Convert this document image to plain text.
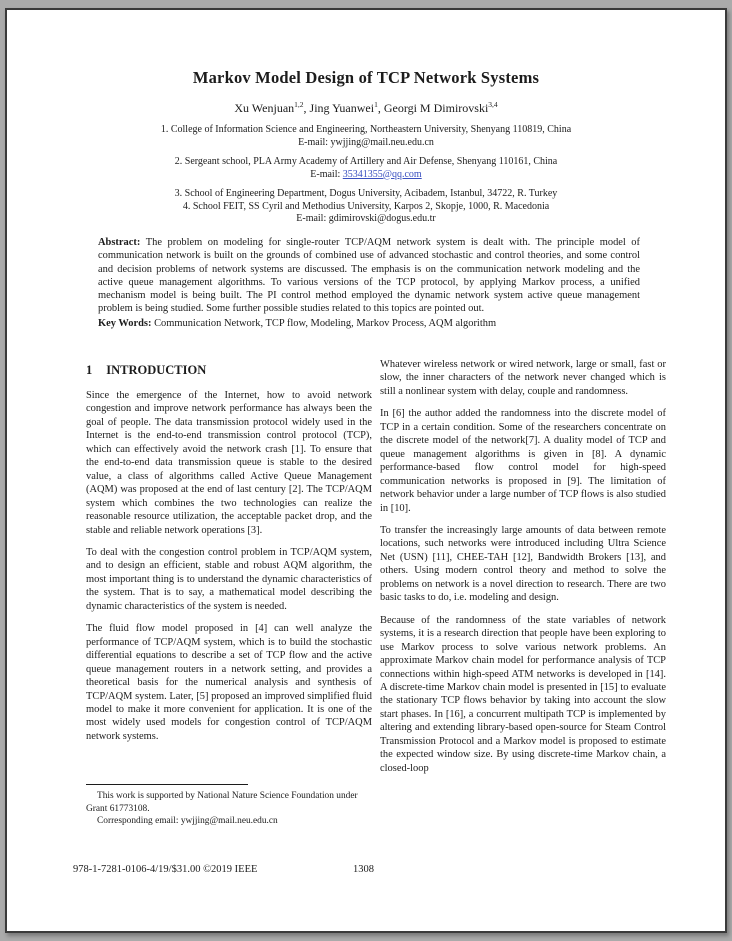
Markov Model Design of TCP Network Systems
Xu Wenjuan$^{1,2}$, Jing Yuanwei$^1$, Georgi M Dimirovski$^{3,4}$
1. College of Information Science and Engineering, Northeastern University, Shenyang 110819, China
E-mail: ywjjing@mail.neu.edu.cn
2. Sergeant school, PLA Army Academy of Artillery and Air Defense, Shenyang 110161, China
E-mail: 35341355@qq.com
3. School of Engineering Department, Dogus University, Acibadem, Istanbul, 34722, R. Turkey
4. School FEIT, SS Cyril and Methodius University, Karpos 2, Skopje, 1000, R. Macedonia
E-mail: gdimirovski@dogus.edu.tr
Abstract: The problem on modeling for single-router TCP/AQM network system is dealt with. The principle model of communication network is built on the grounds of combined use of advanced stochastic and control theories, and some control and decision problems of network systems are discussed. The emphasis is on the communication network modeling and the active queue management algorithms. To various versions of the TCP protocol, by applying Markov process, a unified mechanism model is being built. The PI control method employed the dynamic network system active queue management problem is being studied. Some further possible studies related to this topics are pointed out.
Key Words: Communication Network, TCP flow, Modeling, Markov Process, AQM algorithm
1 INTRODUCTION

Since the emergence of the Internet, how to avoid network congestion and improve network performance has always been the goal of people. The data transmission protocol widely used in the Internet is the end-to-end transmission control protocol (TCP), which can effectively avoid the network crash [1]. To ensure that the end-to-end data transmission queue is stable to the desired value, a class of algorithms called Active Queue Management (AQM) was proposed at the end of last century [2]. The TCP/AQM system which combines the two technologies can realize the reasonable resource utilization, the acceptable packet drop, and the stable and reliable network operations [3].

To deal with the congestion control problem in TCP/AQM system, and to design an efficient, stable and robust AQM algorithm, the most important thing is to understand the dynamic characteristics of the system. That is to say, a mathematical model describing the dynamic characteristics of the system is needed.

The fluid flow model proposed in [4] can well analyze the performance of TCP/AQM system, which is to build the stochastic differential equations to describe a set of TCP flow and the active queue management routers in a network setting, and provides a theoretical basis for the numerical analysis and synthesis of TCP/AQM system. Later, [5] proposed an improved simplified fluid model to make it more convenient for application. It is one of the most widely used models for congestion control of TCP/AQM network systems.

Whatever wireless network or wired network, large or small, fast or slow, the inner characters of the network never changed which is still a nonlinear system with delay, couple and randomness.

In [6] the author added the randomness into the discrete model of TCP in a certain condition. Some of the researchers concentrate on the discrete model of the network[7]. A duality model of TCP and queue management algorithms is given in [8]. A dynamic performance-based flow control model for high-speed communication networks is proposed in [9]. The limitation of network behavior under a large number of TCP flows is also studied in [10].

To transfer the increasingly large amounts of data between remote locations, such networks were introduced including Ultra Science Net (USN) [11], CHEE-TAH [12], Bandwidth Brokers [13], and others. Using modern control theory and method to solve the problems on network is a novel direction to research. There are two basic tasks to do, i.e. modeling and design.

Because of the randomness of the state variables of network systems, it is a research direction that people have been exploring to use Markov process to solve various network problems. An approximate Markov chain model for performance analysis of TCP connections within high-speed ATM networks is developed in [14]. A discrete-time Markov chain model is presented in [15] to evaluate the stationary TCP flows behavior by taking into account the slow start phases. In [16], a concurrent multipath TCP is implemented by altering and extending library-based open-source for Steam Control Transmission Protocol and a Markov model is proposed to estimate the expected window size. By using discrete-time Markov chain, a closed-loop

This work is supported by National Nature Science Foundation under Grant 61773108.

Corresponding email: ywjjing@mail.neu.edu.cn

978-1-7281-0106-4/19/$31.00 ©2019 IEEE	1308
